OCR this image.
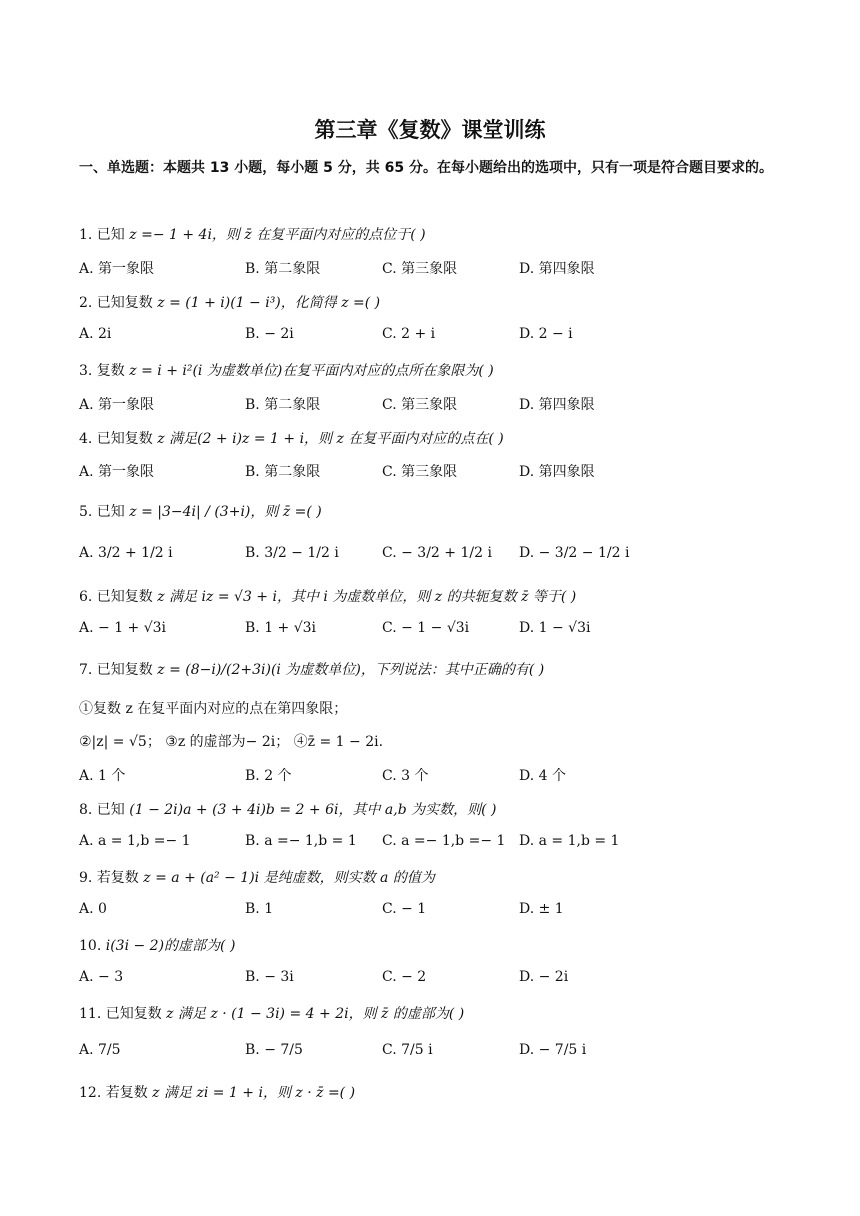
第三章《复数》课堂训练
一、单选题：本题共 13 小题，每小题 5 分，共 65 分。在每小题给出的选项中，只有一项是符合题目要求的。
1. 已知 z =− 1 + 4i，则 z̄ 在复平面内对应的点位于( )
A. 第一象限	B. 第二象限	C. 第三象限	D. 第四象限
2. 已知复数 z = (1 + i)(1 − i³)，化简得 z =( )
A. 2i	B. − 2i	C. 2 + i	D. 2 − i
3. 复数 z = i + i²(i 为虚数单位)在复平面内对应的点所在象限为( )
A. 第一象限	B. 第二象限	C. 第三象限	D. 第四象限
4. 已知复数 z 满足(2 + i)z = 1 + i，则 z 在复平面内对应的点在( )
A. 第一象限	B. 第二象限	C. 第三象限	D. 第四象限
5. 已知 z = |3−4i| / (3+i)，则 z̄ =( )
A. 3/2 + 1/2 i	B. 3/2 − 1/2 i	C. − 3/2 + 1/2 i D. − 3/2 − 1/2 i
6. 已知复数 z 满足 iz = √3 + i，其中 i 为虚数单位，则 z 的共轭复数 z̄ 等于( )
A. − 1 + √3i	B. 1 + √3i	C. − 1 − √3i	D. 1 − √3i
7. 已知复数 z = (8−i)/(2+3i)(i 为虚数单位)，下列说法：其中正确的有( )
①复数 z 在复平面内对应的点在第四象限；
②|z| = √5； ③z 的虚部为− 2i； ④z̄ = 1 − 2i.
A. 1 个	B. 2 个	C. 3 个	D. 4 个
8. 已知 (1 − 2i)a + (3 + 4i)b = 2 + 6i，其中 a,b 为实数，则( )
A. a = 1,b =− 1	B. a =− 1,b = 1 C. a =− 1,b =− 1 D. a = 1,b = 1
9. 若复数 z = a + (a² − 1)i 是纯虚数，则实数 a 的值为
A. 0	B. 1	C. − 1	D. ± 1
10. i(3i − 2)的虚部为( )
A. − 3	B. − 3i	C. − 2	D. − 2i
11. 已知复数 z 满足 z · (1 − 3i) = 4 + 2i，则 z̄ 的虚部为( )
A. 7/5	B. − 7/5	C. 7/5 i	D. − 7/5 i
12. 若复数 z 满足 zi = 1 + i，则 z · z̄ =( )
